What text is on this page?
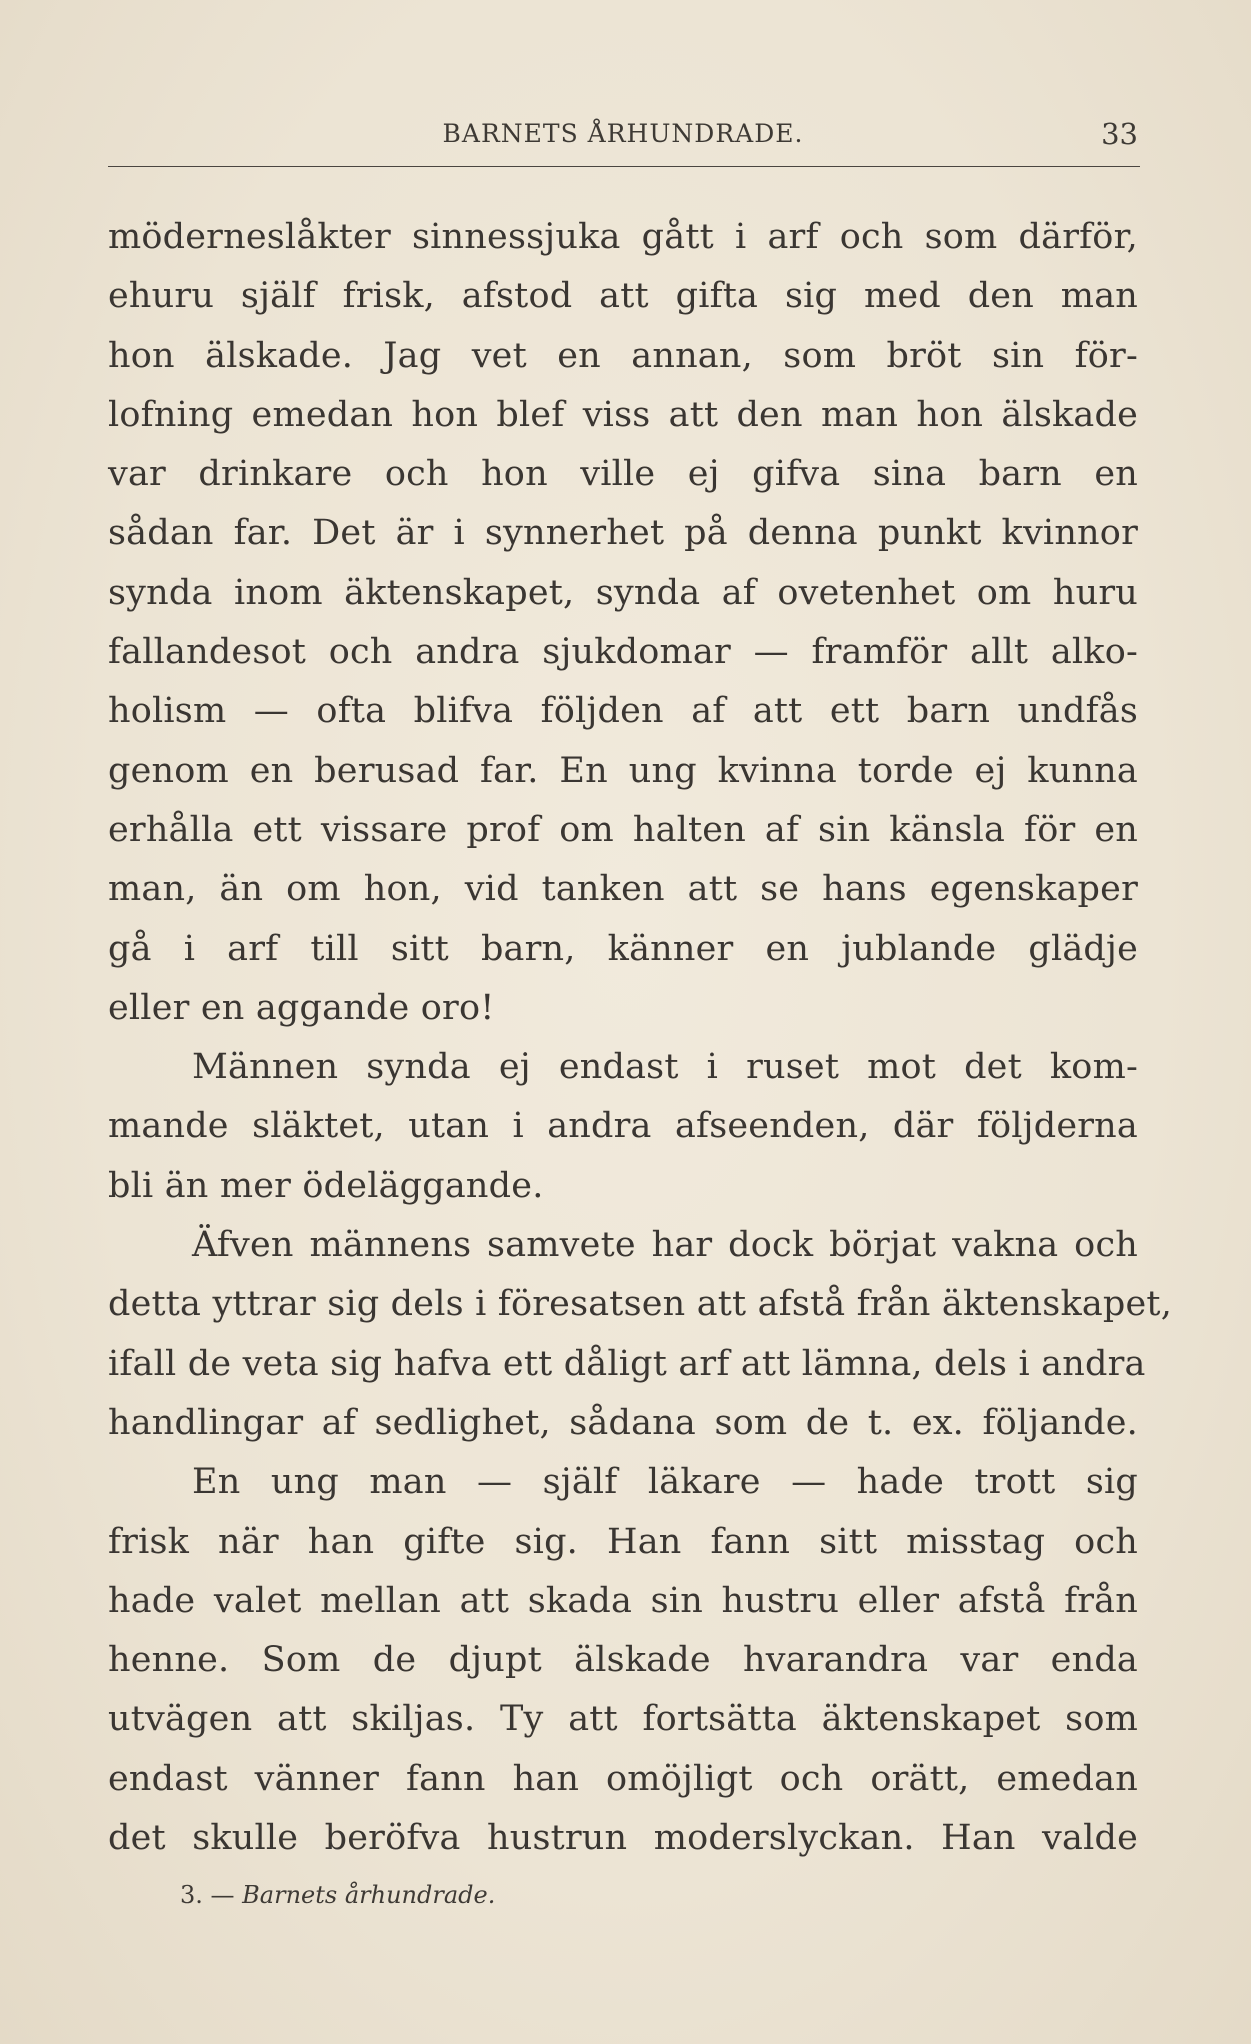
BARNETS ÅRHUNDRADE.	33
möderneslåkter sinnessjuka gått i arf och som därför,
ehuru själf frisk, afstod att gifta sig med den man
hon älskade. Jag vet en annan, som bröt sin för-
lofning emedan hon blef viss att den man hon älskade
var drinkare och hon ville ej gifva sina barn en
sådan far. Det är i synnerhet på denna punkt kvinnor
synda inom äktenskapet, synda af ovetenhet om huru
fallandesot och andra sjukdomar — framför allt alko-
holism — ofta blifva följden af att ett barn undfås
genom en berusad far. En ung kvinna torde ej kunna
erhålla ett vissare prof om halten af sin känsla för en
man, än om hon, vid tanken att se hans egenskaper
gå i arf till sitt barn, känner en jublande glädje
eller en aggande oro!
Männen synda ej endast i ruset mot det kom-
mande släktet, utan i andra afseenden, där följderna
bli än mer ödeläggande.
Äfven männens samvete har dock börjat vakna och
detta yttrar sig dels i föresatsen att afstå från äktenskapet,
ifall de veta sig hafva ett dåligt arf att lämna, dels i andra
handlingar af sedlighet, sådana som de t. ex. följande.
En ung man — själf läkare — hade trott sig
frisk när han gifte sig. Han fann sitt misstag och
hade valet mellan att skada sin hustru eller afstå från
henne. Som de djupt älskade hvarandra var enda
utvägen att skiljas. Ty att fortsätta äktenskapet som
endast vänner fann han omöjligt och orätt, emedan
det skulle beröfva hustrun moderslyckan. Han valde
3. — Barnets århundrade.
